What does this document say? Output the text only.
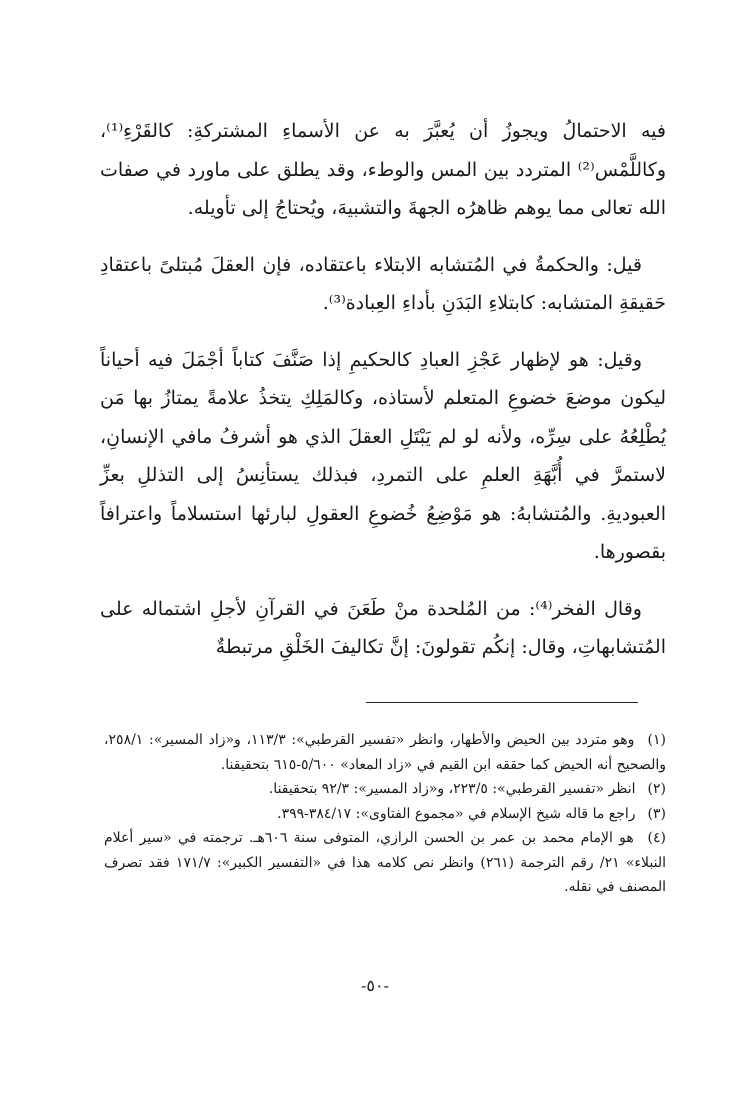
فيه الاحتمالُ ويجوزُ أن يُعبَّرَ به عن الأسماءِ المشتركةِ: كالقَرْءِ⁽¹⁾، وكاللَّمْس⁽²⁾ المتردد بين المس والوطء، وقد يطلق على ماورد في صفات الله تعالى مما يوهم ظاهرُه الجهةَ والتشبيهَ، ويُحتاجُ إلى تأويله.

قيل: والحكمةُ في المُتشابه الابتلاء باعتقاده، فإن العقلَ مُبتلىً باعتقادِ حَقيقةِ المتشابه: كابتلاءِ البَدَنِ بأداءِ العِبادة⁽³⁾.

وقيل: هو لإظهار عَجْزِ العبادِ كالحكيمِ إذا صَنَّفَ كتاباً أجْمَلَ فيه أحياناً ليكون موضعَ خضوعِ المتعلم لأستاذه، وكالمَلِكِ يتخذُ علامةً يمتازُ بها مَن يُطْلِعُهُ على سِرِّه، ولأنه لو لم يَبْتَلِ العقلَ الذي هو أشرفُ مافي الإنسانِ، لاستمرَّ في أُبَّهَةِ العلمِ على التمردِ، فبذلك يستأنِسُ إلى التذللِ بعزِّ العبوديةِ. والمُتشابهُ: هو مَوْضِعُ خُضوعِ العقولِ لبارئها استسلاماً واعترافاً بقصورها.

وقال الفخر⁽⁴⁾: من المُلحدة منْ طَعَنَ في القرآنِ لأجلِ اشتماله على المُتشابهاتِ، وقال: إنكُم تقولونَ: إنَّ تكاليفَ الخَلْقِ مرتبطةٌ

(١) وهو متردد بين الحيض والأطهار، وانظر «تفسير القرطبي»: ١١٣/٣، و«زاد المسير»: ٢٥٨/١، والصحيح أنه الحيض كما حققه ابن القيم في «زاد المعاد» ٥/٦٠٠-٦١٥ بتحقيقنا.

(٢) انظر «تفسير القرطبي»: ٢٢٣/٥، و«زاد المسير»: ٩٢/٣ بتحقيقنا.

(٣) راجع ما قاله شيخ الإسلام في «مجموع الفتاوى»: ٣٨٤/١٧-٣٩٩.

(٤) هو الإمام محمد بن عمر بن الحسن الرازي، المتوفى سنة ٦٠٦هـ. ترجمته في «سير أعلام النبلاء» ٢١/ رقم الترجمة (٢٦١) وانظر نص كلامه هذا في «التفسير الكبير»: ١٧١/٧ فقد تصرف المصنف في نقله.

-٥٠-
